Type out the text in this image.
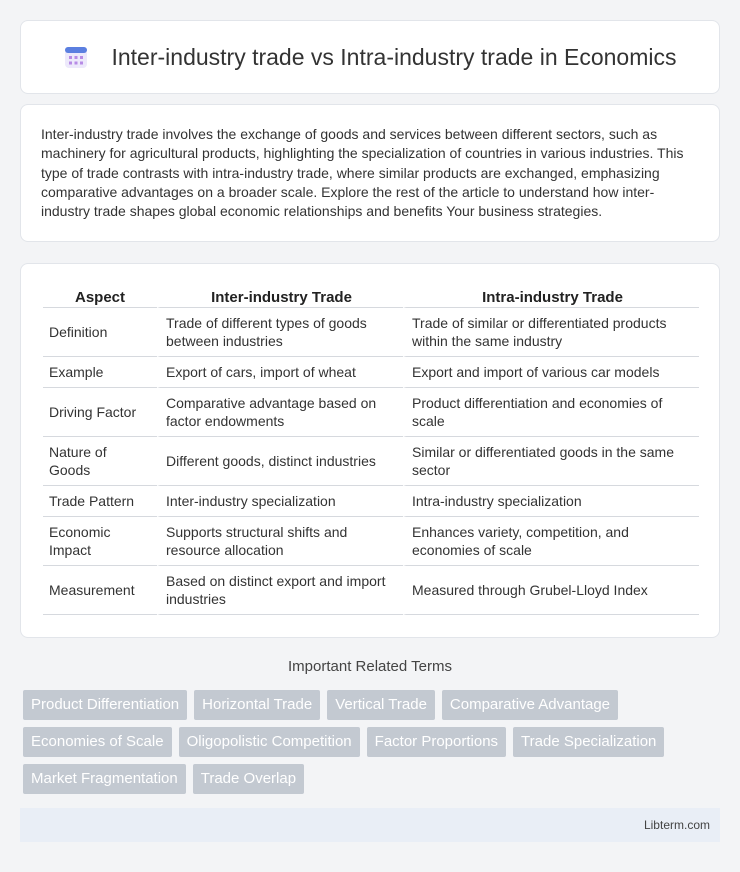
Inter-industry trade vs Intra-industry trade in Economics

Inter-industry trade involves the exchange of goods and services between different sectors, such as machinery for agricultural products, highlighting the specialization of countries in various industries. This type of trade contrasts with intra-industry trade, where similar products are exchanged, emphasizing comparative advantages on a broader scale. Explore the rest of the article to understand how inter-industry trade shapes global economic relationships and benefits Your business strategies.

Aspect	Inter-industry Trade	Intra-industry Trade
Definition	Trade of different types of goods between industries	Trade of similar or differentiated products within the same industry
Example	Export of cars, import of wheat	Export and import of various car models
Driving Factor	Comparative advantage based on factor endowments	Product differentiation and economies of scale
Nature of Goods	Different goods, distinct industries	Similar or differentiated goods in the same sector
Trade Pattern	Inter-industry specialization	Intra-industry specialization
Economic Impact	Supports structural shifts and resource allocation	Enhances variety, competition, and economies of scale
Measurement	Based on distinct export and import industries	Measured through Grubel-Lloyd Index
Important Related Terms
Product Differentiation	Horizontal Trade	Vertical Trade	Comparative Advantage
Economies of Scale	Oligopolistic Competition	Factor Proportions	Trade Specialization
Market Fragmentation	Trade Overlap
Libterm.com
